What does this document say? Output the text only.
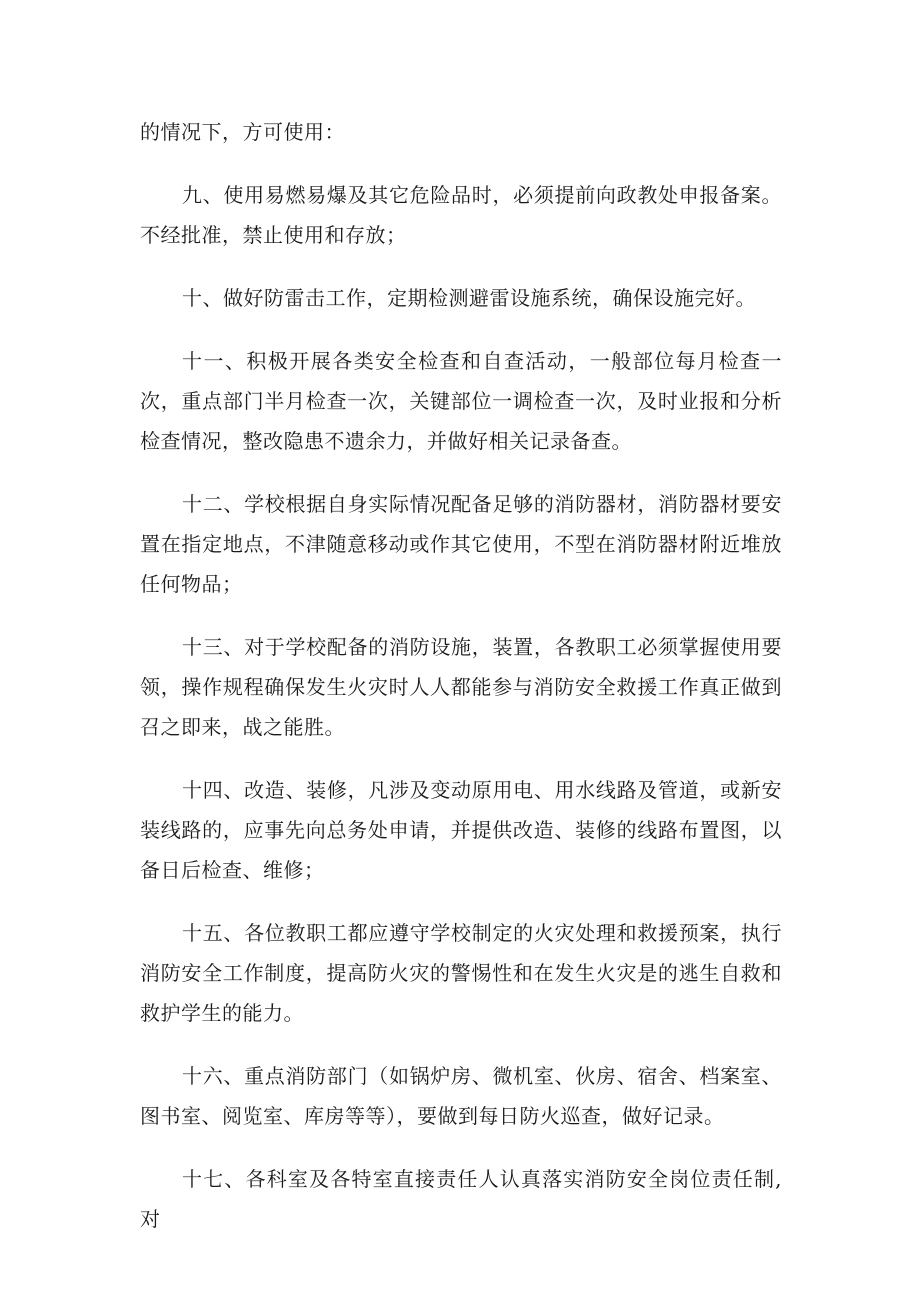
的情况下，方可使用：

九、使用易燃易爆及其它危险品时，必须提前向政教处申报备案。不经批准，禁止使用和存放；

十、做好防雷击工作，定期检测避雷设施系统，确保设施完好。

十一、积极开展各类安全检查和自查活动，一般部位每月检查一次，重点部门半月检查一次，关键部位一调检查一次，及时业报和分析检查情况，整改隐患不遗余力，并做好相关记录备查。

十二、学校根据自身实际情况配备足够的消防器材，消防器材要安置在指定地点，不津随意移动或作其它使用，不型在消防器材附近堆放任何物品；

十三、对于学校配备的消防设施，装置，各教职工必须掌握使用要领，操作规程确保发生火灾时人人都能参与消防安全救援工作真正做到召之即来，战之能胜。

十四、改造、装修，凡涉及变动原用电、用水线路及管道，或新安装线路的，应事先向总务处申请，并提供改造、装修的线路布置图，以备日后检查、维修；

十五、各位教职工都应遵守学校制定的火灾处理和救援预案，执行消防安全工作制度，提高防火灾的警惕性和在发生火灾是的逃生自救和救护学生的能力。

十六、重点消防部门（如锅炉房、微机室、伙房、宿舍、档案室、图书室、阅览室、库房等等），要做到每日防火巡查，做好记录。

十七、各科室及各特室直接责任人认真落实消防安全岗位责任制,对
